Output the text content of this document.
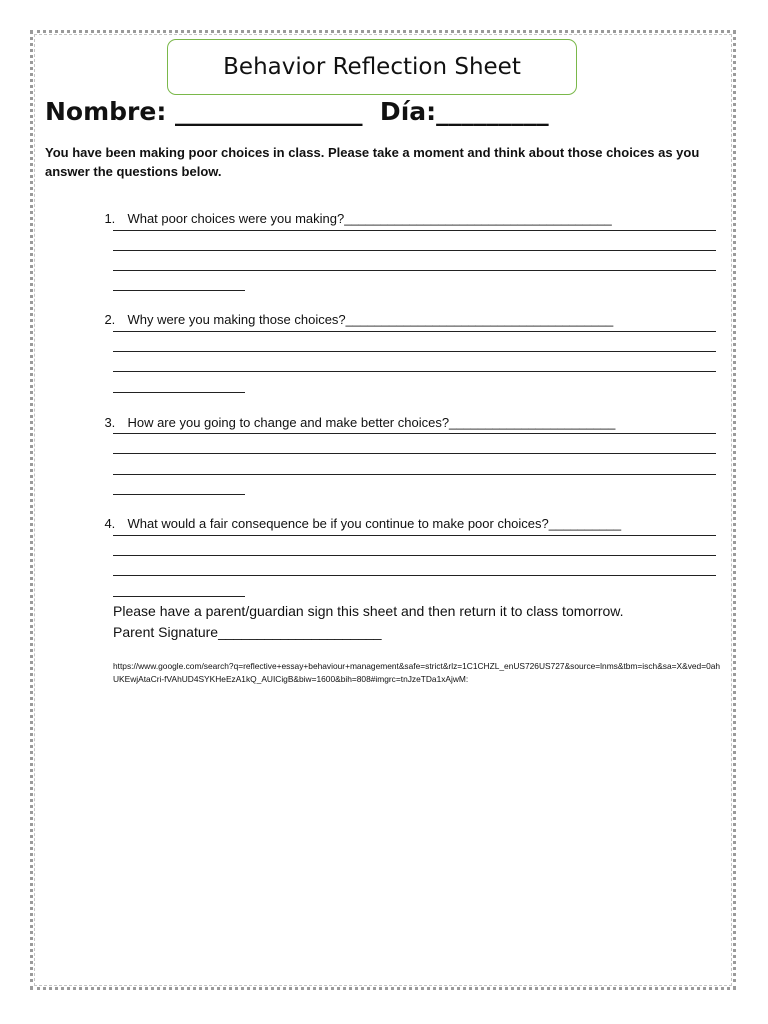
Behavior Reflection Sheet
Nombre: _______________  Día:_________
You have been making poor choices in class. Please take a moment and think about those choices as you answer the questions below.

1. What poor choices were you making?_____________________________________

2. Why were you making those choices?_____________________________________

3. How are you going to change and make better choices?_______________________

4. What would a fair consequence be if you continue to make poor choices?__________

Please have a parent/guardian sign this sheet and then return it to class tomorrow.
Parent Signature_____________________
https://www.google.com/search?q=reflective+essay+behaviour+management&safe=strict&rlz=1C1CHZL_enUS726US727&source=lnms&tbm=isch&sa=X&ved=0ahUKEwjAtaCri-fVAhUD4SYKHeEzA1kQ_AUICigB&biw=1600&bih=808#imgrc=tnJzeTDa1xAjwM:
